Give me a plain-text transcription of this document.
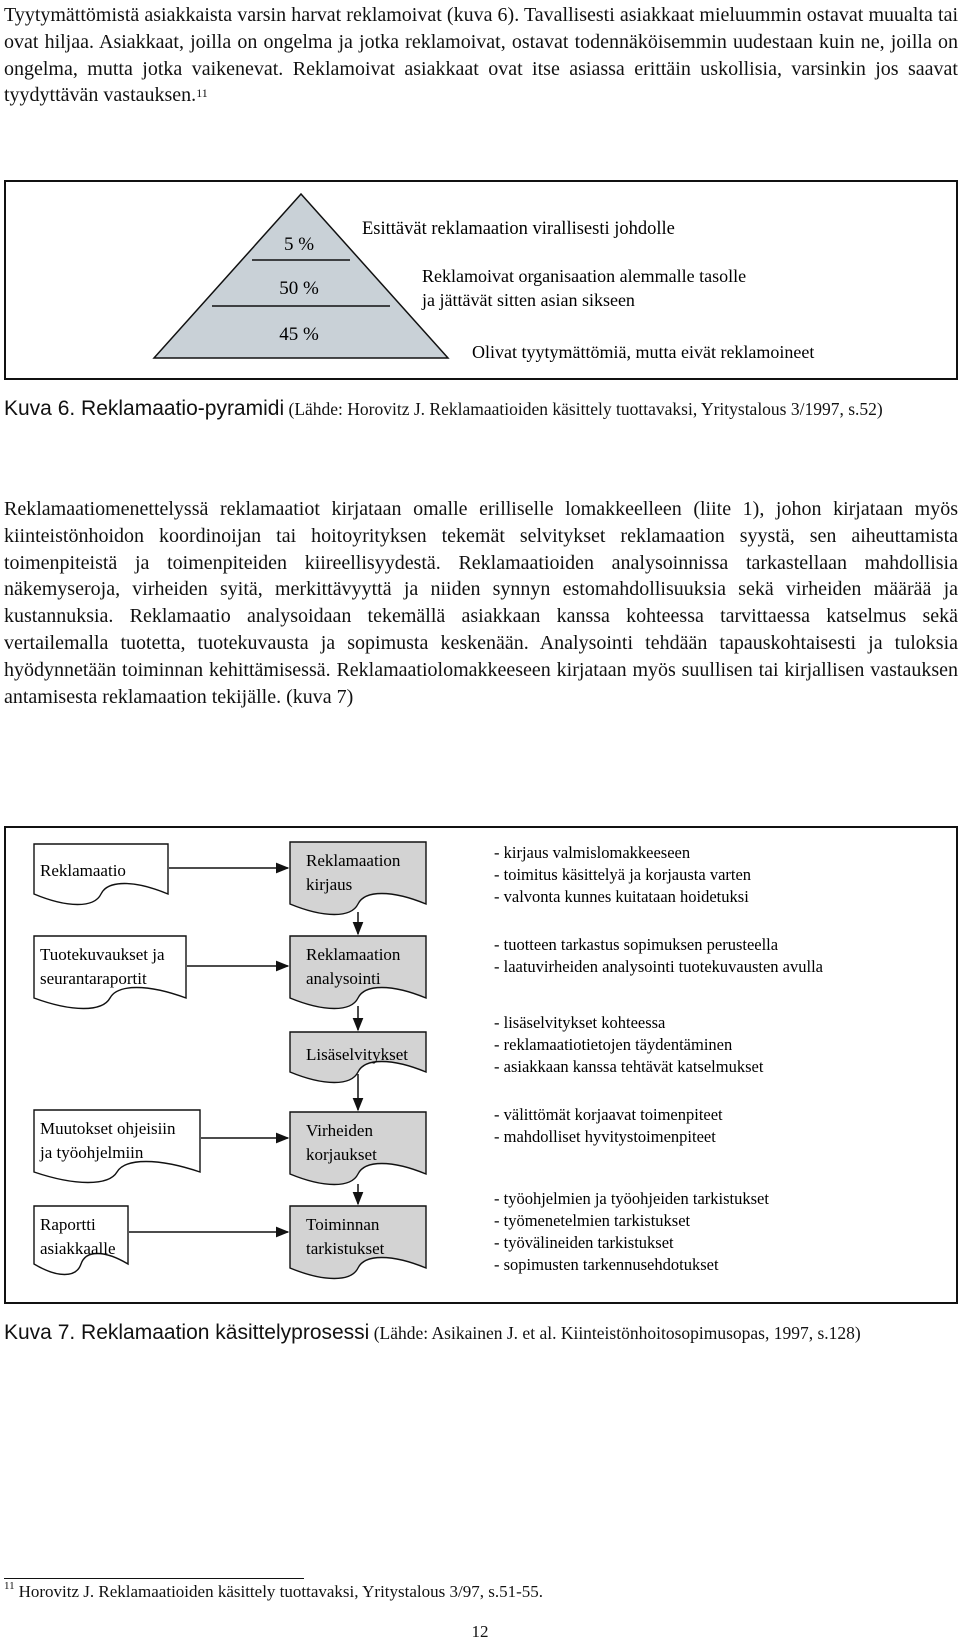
Tyytymättömistä asiakkaista varsin harvat reklamoivat (kuva 6). Tavallisesti asiakkaat mieluummin ostavat muualta tai ovat hiljaa. Asiakkaat, joilla on ongelma ja jotka reklamoivat, ostavat todennäköisemmin uudestaan kuin ne, joilla on ongelma, mutta jotka vaikenevat. Reklamoivat asiakkaat ovat itse asiassa erittäin uskollisia, varsinkin jos saavat tyydyttävän vastauksen.$^{11}$

5 %
50 %
45 %
Esittävät reklamaation virallisesti johdolle
Reklamoivat organisaation alemmalle tasolle
ja jättävät sitten asian sikseen
Olivat tyytymättömiä, mutta eivät reklamoineet

Kuva 6. Reklamaatio-pyramidi (Lähde: Horovitz J. Reklamaatioiden käsittely tuottavaksi, Yritystalous 3/1997, s.52)

Reklamaatiomenettelyssä reklamaatiot kirjataan omalle erilliselle lomakkeelleen (liite 1), johon kirjataan myös kiinteistönhoidon koordinoijan tai hoitoyrityksen tekemät selvitykset reklamaation syystä, sen aiheuttamista toimenpiteistä ja toimenpiteiden kiireellisyydestä. Reklamaatioiden analysoinnissa tarkastellaan mahdollisia näkemyseroja, virheiden syitä, merkittävyyttä ja niiden synnyn estomahdollisuuksia sekä virheiden määrää ja kustannuksia. Reklamaatio analysoidaan tekemällä asiakkaan kanssa kohteessa tarvittaessa katselmus sekä vertailemalla tuotetta, tuotekuvausta ja sopimusta keskenään. Analysointi tehdään tapauskohtaisesti ja tuloksia hyödynnetään toiminnan kehittämisessä. Reklamaatiolomakkeeseen kirjataan myös suullisen tai kirjallisen vastauksen antamisesta reklamaation tekijälle. (kuva 7)

Reklamaatio
Tuotekuvaukset ja
seurantaraportit
Muutokset ohjeisiin
ja työohjelmiin
Raportti
asiakkaalle
Reklamaation
kirjaus
Reklamaation
analysointi
Lisäselvitykset
Virheiden
korjaukset
Toiminnan
tarkistukset
- kirjaus valmislomakkeeseen
- toimitus käsittelyä ja korjausta varten
- valvonta kunnes kuitataan hoidetuksi
- tuotteen tarkastus sopimuksen perusteella
- laatuvirheiden analysointi tuotekuvausten avulla
- lisäselvitykset kohteessa
- reklamaatiotietojen täydentäminen
- asiakkaan kanssa tehtävät katselmukset
- välittömät korjaavat toimenpiteet
- mahdolliset hyvitystoimenpiteet
- työohjelmien ja työohjeiden tarkistukset
- työmenetelmien tarkistukset
- työvälineiden tarkistukset
- sopimusten tarkennusehdotukset

Kuva 7. Reklamaation käsittelyprosessi (Lähde: Asikainen J. et al. Kiinteistönhoitosopimusopas, 1997, s.128)

$^{11}$ Horovitz J. Reklamaatioiden käsittely tuottavaksi, Yritystalous 3/97, s.51-55.

12
